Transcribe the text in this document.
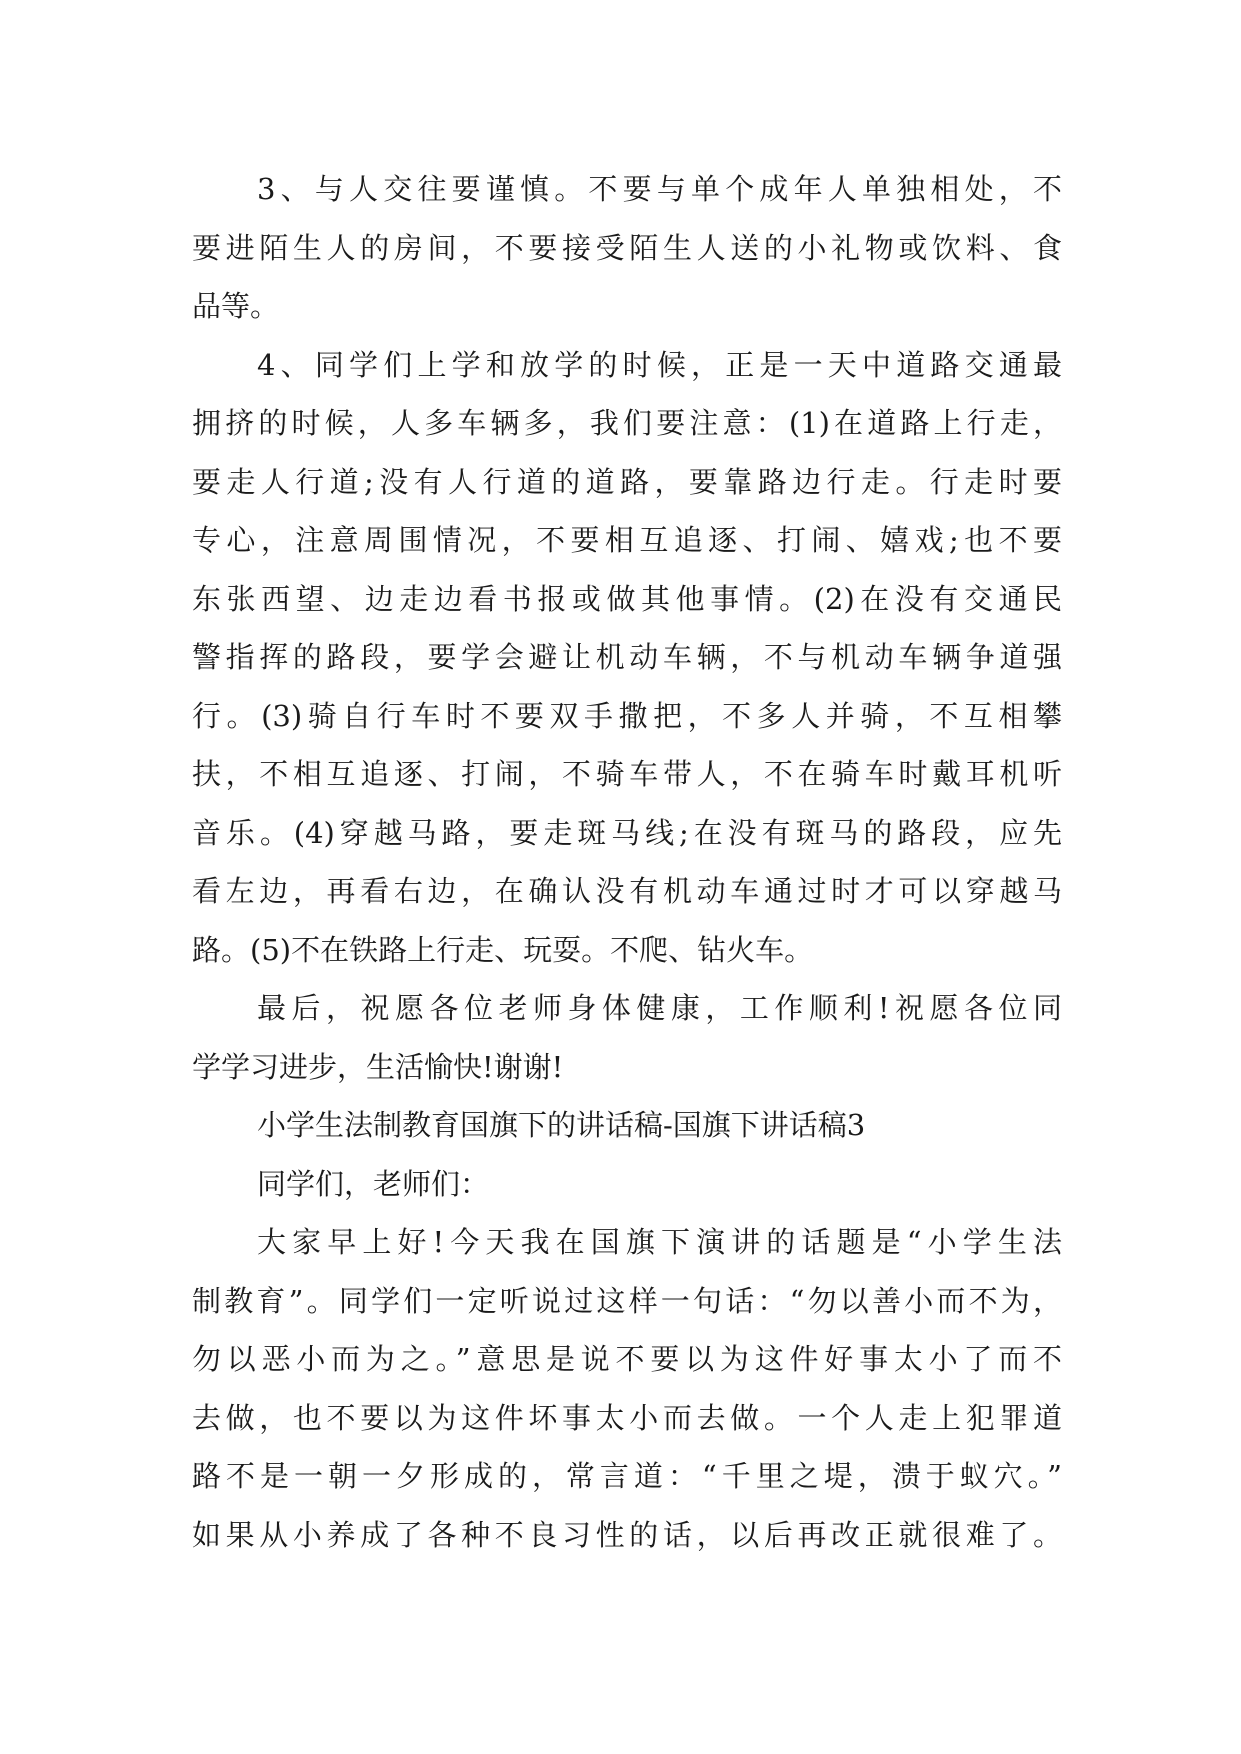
3、与人交往要谨慎。不要与单个成年人单独相处，不
要进陌生人的房间，不要接受陌生人送的小礼物或饮料、食
品等。
4、同学们上学和放学的时候，正是一天中道路交通最
拥挤的时候，人多车辆多，我们要注意：(1)在道路上行走，
要走人行道;没有人行道的道路，要靠路边行走。行走时要
专心，注意周围情况，不要相互追逐、打闹、嬉戏;也不要
东张西望、边走边看书报或做其他事情。(2)在没有交通民
警指挥的路段，要学会避让机动车辆，不与机动车辆争道强
行。(3)骑自行车时不要双手撒把，不多人并骑，不互相攀
扶，不相互追逐、打闹，不骑车带人，不在骑车时戴耳机听
音乐。(4)穿越马路，要走斑马线;在没有斑马的路段，应先
看左边，再看右边，在确认没有机动车通过时才可以穿越马
路。(5)不在铁路上行走、玩耍。不爬、钻火车。
最后，祝愿各位老师身体健康，工作顺利!祝愿各位同
学学习进步，生活愉快!谢谢!
小学生法制教育国旗下的讲话稿-国旗下讲话稿3
同学们，老师们：
大家早上好!今天我在国旗下演讲的话题是“小学生法
制教育”。同学们一定听说过这样一句话：“勿以善小而不为，
勿以恶小而为之。”意思是说不要以为这件好事太小了而不
去做，也不要以为这件坏事太小而去做。一个人走上犯罪道
路不是一朝一夕形成的，常言道：“千里之堤，溃于蚁穴。”
如果从小养成了各种不良习性的话，以后再改正就很难了。
